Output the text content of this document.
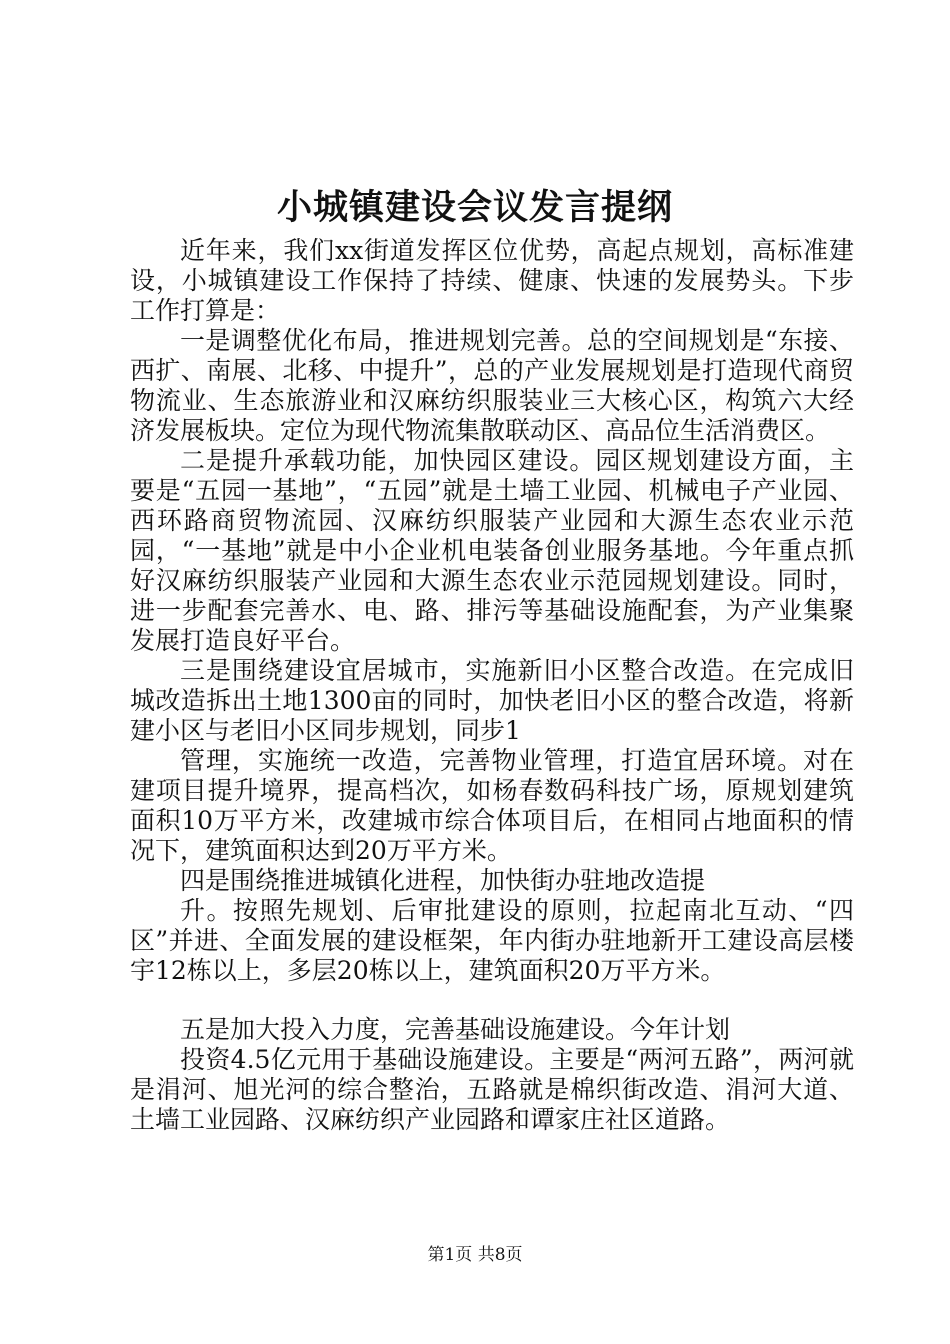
小城镇建设会议发言提纲

近年来，我们xx街道发挥区位优势，高起点规划，高标准建设，小城镇建设工作保持了持续、健康、快速的发展势头。下步工作打算是：

一是调整优化布局，推进规划完善。总的空间规划是“东接、西扩、南展、北移、中提升”，总的产业发展规划是打造现代商贸物流业、生态旅游业和汉麻纺织服装业三大核心区，构筑六大经济发展板块。定位为现代物流集散联动区、高品位生活消费区。

二是提升承载功能，加快园区建设。园区规划建设方面，主要是“五园一基地”，“五园”就是土墙工业园、机械电子产业园、西环路商贸物流园、汉麻纺织服装产业园和大源生态农业示范园，“一基地”就是中小企业机电装备创业服务基地。今年重点抓好汉麻纺织服装产业园和大源生态农业示范园规划建设。同时，进一步配套完善水、电、路、排污等基础设施配套，为产业集聚发展打造良好平台。

三是围绕建设宜居城市，实施新旧小区整合改造。在完成旧城改造拆出土地1300亩的同时，加快老旧小区的整合改造，将新建小区与老旧小区同步规划，同步1

管理，实施统一改造，完善物业管理，打造宜居环境。对在建项目提升境界，提高档次，如杨春数码科技广场，原规划建筑面积10万平方米，改建城市综合体项目后，在相同占地面积的情况下，建筑面积达到20万平方米。

四是围绕推进城镇化进程，加快街办驻地改造提

升。按照先规划、后审批建设的原则，拉起南北互动、“四区”并进、全面发展的建设框架，年内街办驻地新开工建设高层楼宇12栋以上，多层20栋以上，建筑面积20万平方米。

五是加大投入力度，完善基础设施建设。今年计划

投资4.5亿元用于基础设施建设。主要是“两河五路”，两河就是涓河、旭光河的综合整治，五路就是棉织街改造、涓河大道、土墙工业园路、汉麻纺织产业园路和谭家庄社区道路。

第1页 共8页
